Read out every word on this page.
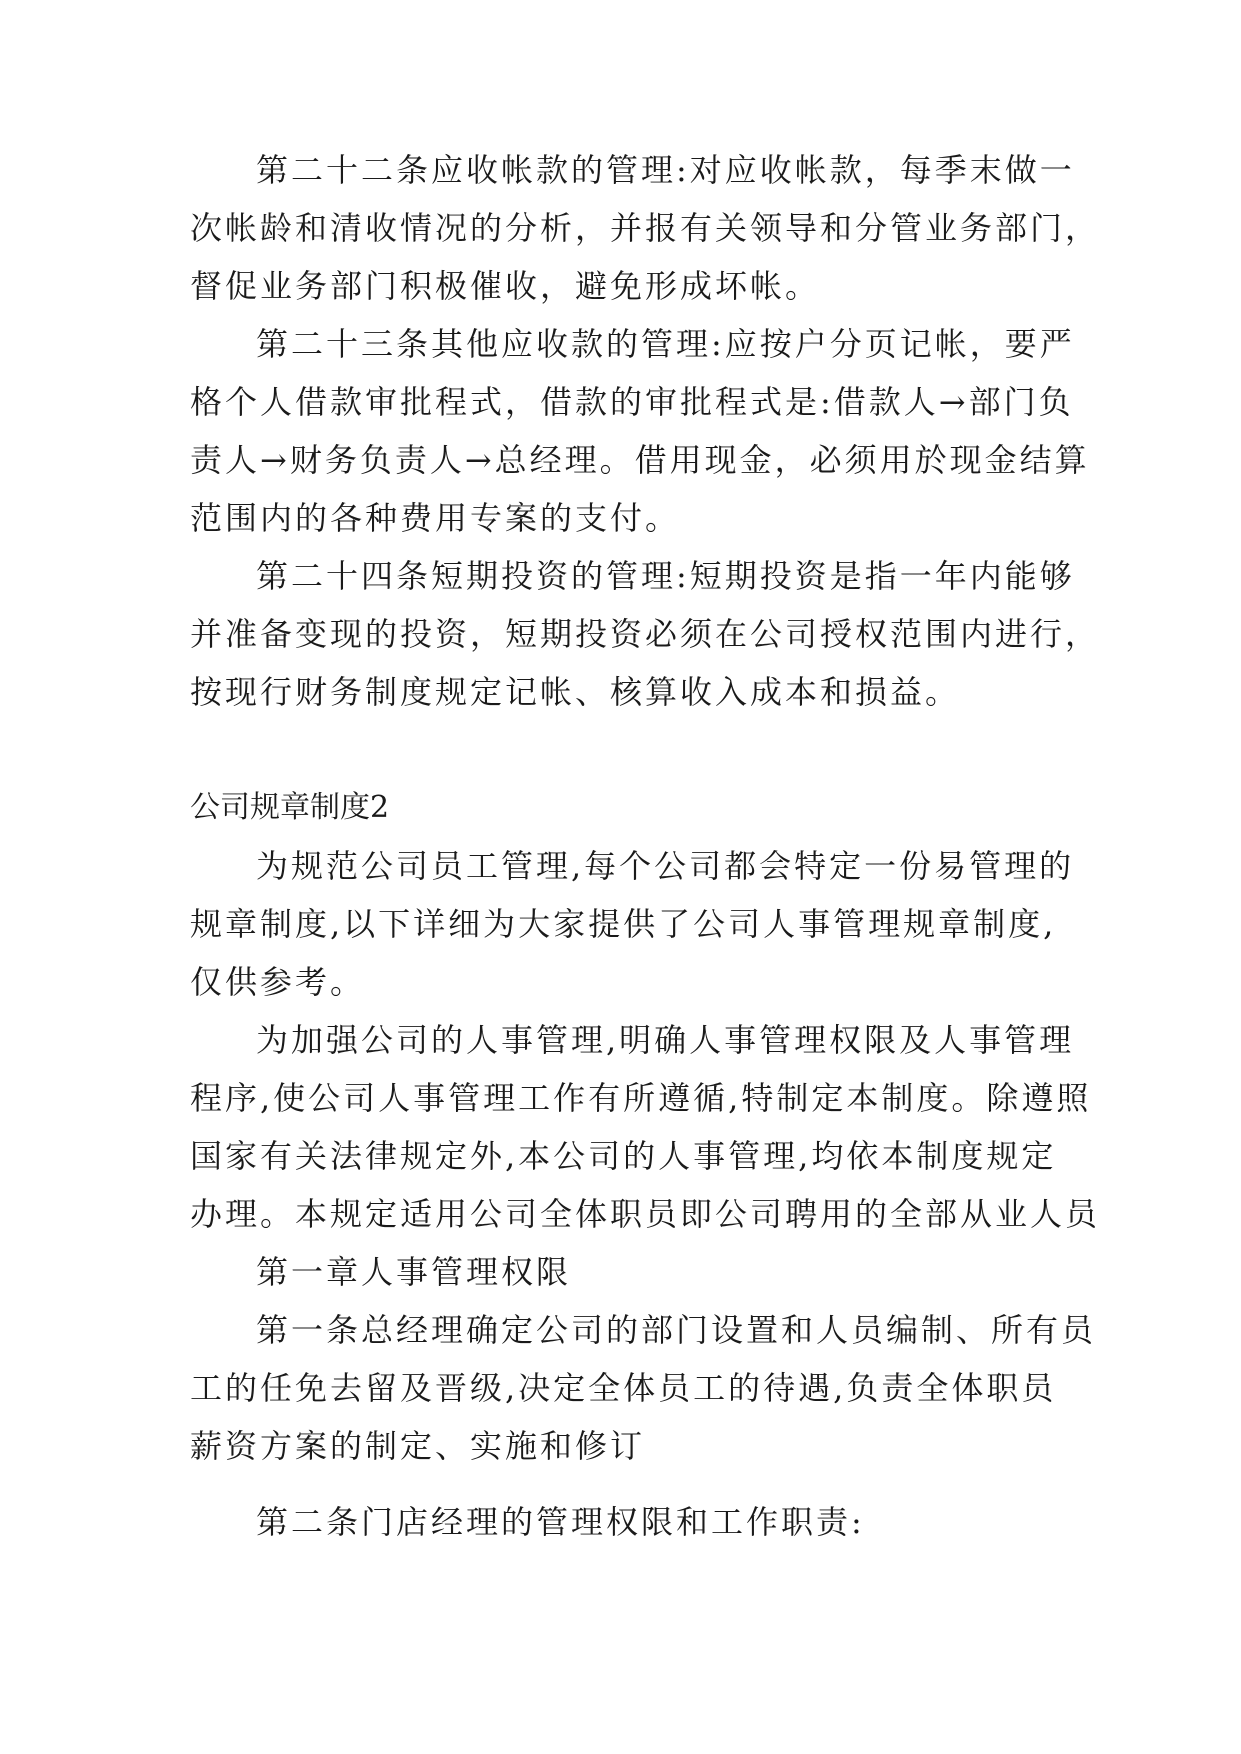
第二十二条应收帐款的管理:对应收帐款，每季末做一
次帐龄和清收情况的分析，并报有关领导和分管业务部门，
督促业务部门积极催收，避免形成坏帐。
第二十三条其他应收款的管理:应按户分页记帐，要严
格个人借款审批程式，借款的审批程式是:借款人→部门负
责人→财务负责人→总经理。借用现金，必须用於现金结算
范围内的各种费用专案的支付。
第二十四条短期投资的管理:短期投资是指一年内能够
并准备变现的投资，短期投资必须在公司授权范围内进行，
按现行财务制度规定记帐、核算收入成本和损益。
公司规章制度2
为规范公司员工管理,每个公司都会特定一份易管理的
规章制度,以下详细为大家提供了公司人事管理规章制度,
仅供参考。
为加强公司的人事管理,明确人事管理权限及人事管理
程序,使公司人事管理工作有所遵循,特制定本制度。除遵照
国家有关法律规定外,本公司的人事管理,均依本制度规定
办理。本规定适用公司全体职员即公司聘用的全部从业人员
第一章人事管理权限
第一条总经理确定公司的部门设置和人员编制、所有员
工的任免去留及晋级,决定全体员工的待遇,负责全体职员
薪资方案的制定、实施和修订
第二条门店经理的管理权限和工作职责:
